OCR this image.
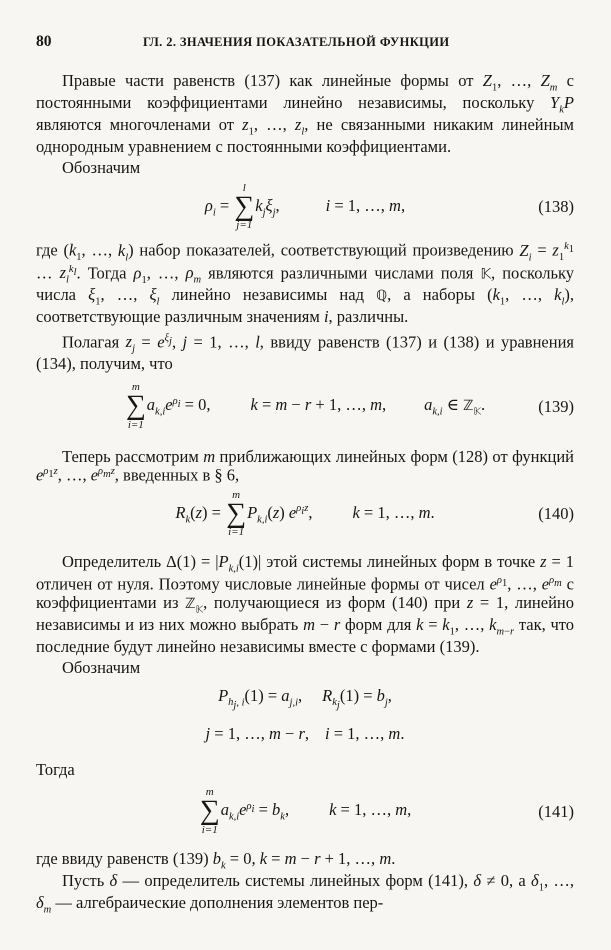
80	ГЛ. 2. ЗНАЧЕНИЯ ПОКАЗАТЕЛЬНОЙ ФУНКЦИИ

Правые части равенств (137) как линейные формы от $Z_1$, …, $Z_m$ с постоянными коэффициентами линейно независимы, поскольку $Y_kP$ являются многочленами от $z_1$, …, $z_l$, не связанными никаким линейным однородным уравнением с постоянными коэффициентами.

Обозначим

$\rho_i$ =
l
∑
j=1
$k_j\xi_j$,	i = 1, …, m,	(138)

где ($k_1$, …, $k_l$) набор показателей, соответствующий произведению $Z_i = z_1^{k_1}$ … $z_l^{k_l}$. Тогда $\rho_1$, …, $\rho_m$ являются различными числами поля 𝕂, поскольку числа $\xi_1$, …, $\xi_l$ линейно независимы над ℚ, а наборы ($k_1$, …, $k_l$), соответствующие различным значениям i, различны.

Полагая $z_j = e^{\xi_j}$, j = 1, …, l, ввиду равенств (137) и (138) и уравнения (134), получим, что

m
∑
i=1
$a_{k,i}e^{\rho_i} = 0$, k = m − r + 1, …, m, $a_{k,i}$ ∈ ℤ$_𝕂$.	(139)

Теперь рассмотрим m приближающих линейных форм (128) от функций $e^{\rho_1z}$, …, $e^{\rho_mz}$, введенных в § 6,

$R_k(z)$ =
m
∑
i=1
$P_{k,i}(z)$ $e^{\rho_iz}$, k = 1, …, m.	(140)

Определитель $\Delta(1) = |P_{k,i}(1)|$ этой системы линейных форм в точке z = 1 отличен от нуля. Поэтому числовые линейные формы от чисел $e^{\rho_1}$, …, $e^{\rho_m}$ с коэффициентами из ℤ$_𝕂$, получающиеся из форм (140) при z = 1, линейно независимы и из них можно выбрать m − r форм для $k = k_1$, …, $k_{m-r}$ так, что последние будут линейно независимы вместе с формами (139).

Обозначим

$P_{h_j, i}(1) = a_{j,i}$, $R_{k_j}(1) = b_j$,
j = 1, …, m − r, i = 1, …, m.

Тогда

m
∑
i=1
$a_{k,i}e^{\rho_i} = b_k$, k = 1, …, m,	(141)

где ввиду равенств (139) $b_k = 0$, k = m − r + 1, …, m.

Пусть δ — определитель системы линейных форм (141), δ ≠ 0, а $\delta_1$, …, $\delta_m$ — алгебраические дополнения элементов пер-
